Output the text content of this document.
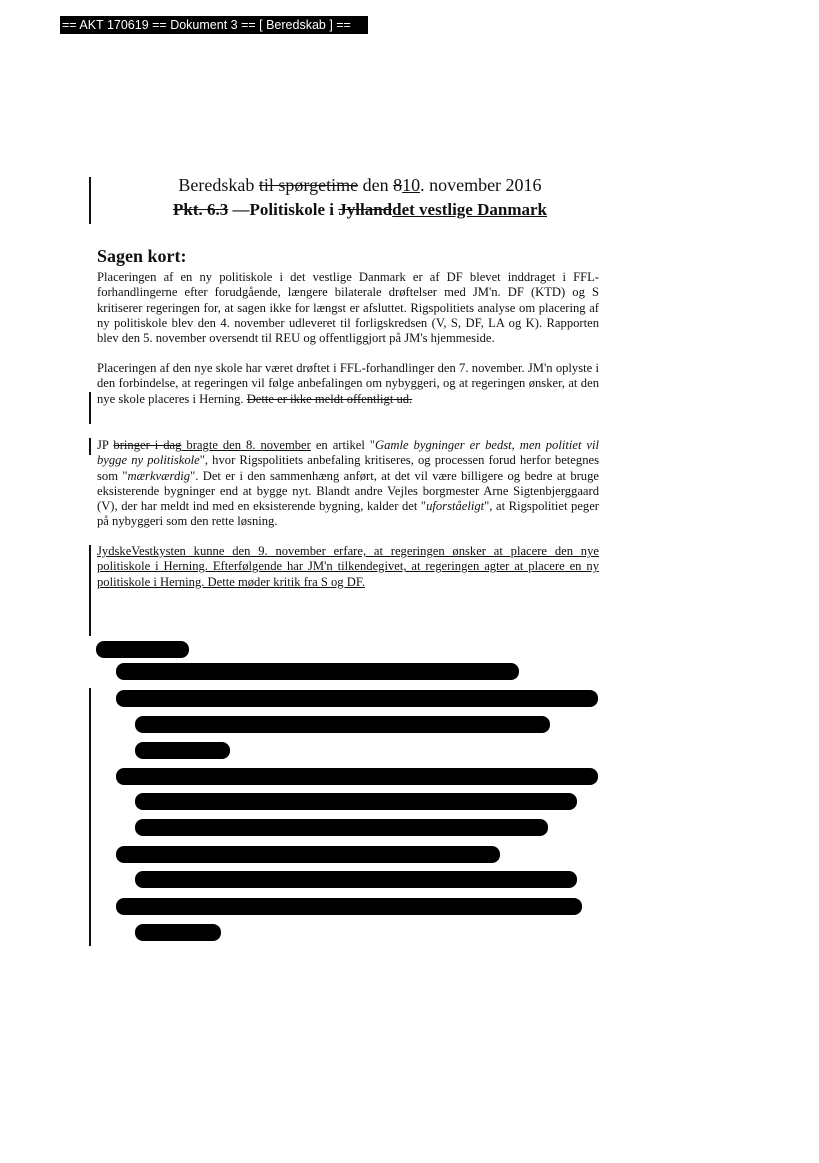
== AKT 170619 == Dokument 3 == [ Beredskab ] ==
Beredskab til spørgetime den 810. november 2016
Pkt. 6.3 —Politiskole i Jyllanddet vestlige Danmark
Sagen kort:

Placeringen af en ny politiskole i det vestlige Danmark er af DF blevet inddraget i FFL-forhandlingerne efter forudgående, længere bilaterale drøftelser med JM'n. DF (KTD) og S kritiserer regeringen for, at sagen ikke for længst er afsluttet. Rigspolitiets analyse om placering af ny politiskole blev den 4. november udleveret til forligskredsen (V, S, DF, LA og K). Rapporten blev den 5. november oversendt til REU og offentliggjort på JM's hjemmeside.

Placeringen af den nye skole har været drøftet i FFL-forhandlinger den 7. november. JM'n oplyste i den forbindelse, at regeringen vil følge anbefalingen om nybyggeri, og at regeringen ønsker, at den nye skole placeres i Herning. Dette er ikke meldt offentligt ud.

JP bringer i dag bragte den 8. november en artikel "Gamle bygninger er bedst, men politiet vil bygge ny politiskole", hvor Rigspolitiets anbefaling kritiseres, og processen forud herfor betegnes som "mærkværdig". Det er i den sammenhæng anført, at det vil være billigere og bedre at bruge eksisterende bygninger end at bygge nyt. Blandt andre Vejles borgmester Arne Sigtenbjerggaard (V), der har meldt ind med en eksisterende bygning, kalder det "uforståeligt", at Rigspolitiet peger på nybyggeri som den rette løsning.

JydskeVestkysten kunne den 9. november erfare, at regeringen ønsker at placere den nye politiskole i Herning. Efterfølgende har JM'n tilkendegivet, at regeringen agter at placere en ny politiskole i Herning. Dette møder kritik fra S og DF.
